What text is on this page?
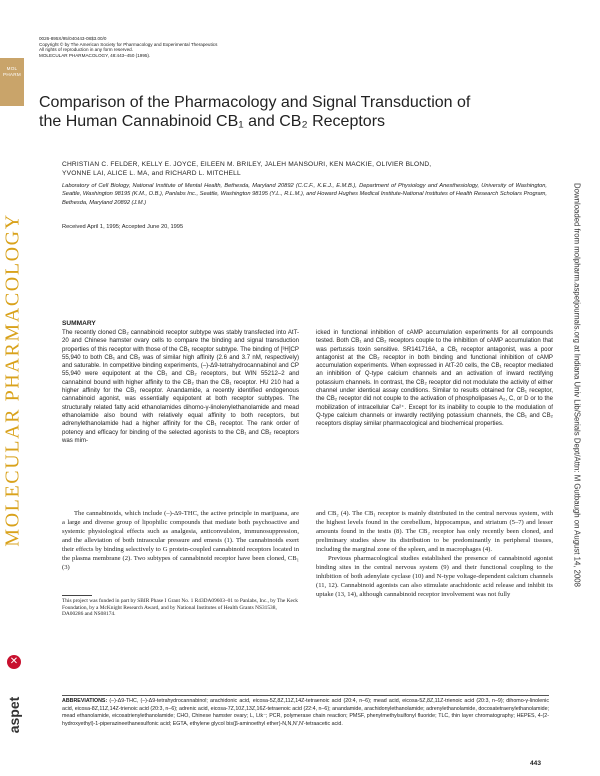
0026-895X/95/040443-08$3.00/0
Copyright © by The American Society for Pharmacology and Experimental Therapeutics
All rights of reproduction in any form reserved.
MOLECULAR PHARMACOLOGY, 48:443–450 (1995).
MOL
PHARM
MOLECULAR PHARMACOLOGY
✕
aspet
Downloaded from molpharm.aspetjournals.org at Indiana Univ Lib/Serials Dept/Attn: M Gutbaugh on August 14, 2008
Comparison of the Pharmacology and Signal Transduction of
the Human Cannabinoid CB₁ and CB₂ Receptors
CHRISTIAN C. FELDER, KELLY E. JOYCE, EILEEN M. BRILEY, JALEH MANSOURI, KEN MACKIE, OLIVIER BLOND,
YVONNE LAI, ALICE L. MA, and RICHARD L. MITCHELL
Laboratory of Cell Biology, National Institute of Mental Health, Bethesda, Maryland 20892 (C.C.F., K.E.J., E.M.B.), Department of Physiology and Anesthesiology, University of Washington, Seattle, Washington 98195 (K.M., O.B.), Panlabs Inc., Seattle, Washington 98195 (Y.L., R.L.M.), and Howard Hughes Medical Institute-National Institutes of Health Research Scholars Program, Bethesda, Maryland 20892 (J.M.)
Received April 1, 1995; Accepted June 20, 1995
SUMMARY
The recently cloned CB₂ cannabinoid receptor subtype was stably transfected into AtT-20 and Chinese hamster ovary cells to compare the binding and signal transduction properties of this receptor with those of the CB₁ receptor subtype. The binding of [³H]CP 55,940 to both CB₁ and CB₂ was of similar high affinity (2.6 and 3.7 nM, respectively) and saturable. In competitive binding experiments, (–)-Δ9-tetrahydrocannabinol and CP 55,940 were equipotent at the CB₁ and CB₂ receptors, but WIN 55212–2 and cannabinol bound with higher affinity to the CB₂ than the CB₁ receptor. HU 210 had a higher affinity for the CB₁ receptor. Anandamide, a recently identified endogenous cannabinoid agonist, was essentially equipotent at both receptor subtypes. The structurally related fatty acid ethanolamides dihomo-γ-linolenylethanolamide and mead ethanolamide also bound with relatively equal affinity to both receptors, but adrenylethanolamide had a higher affinity for the CB₁ receptor. The rank order of potency and efficacy for binding of the selected agonists to the CB₁ and CB₂ receptors was mim-
icked in functional inhibition of cAMP accumulation experiments for all compounds tested. Both CB₁ and CB₂ receptors couple to the inhibition of cAMP accumulation that was pertussis toxin sensitive. SR141716A, a CB₁ receptor antagonist, was a poor antagonist at the CB₂ receptor in both binding and functional inhibition of cAMP accumulation experiments. When expressed in AtT-20 cells, the CB₁ receptor mediated an inhibition of Q-type calcium channels and an activation of inward rectifying potassium channels. In contrast, the CB₂ receptor did not modulate the activity of either channel under identical assay conditions. Similar to results obtained for CB₁ receptor, the CB₂ receptor did not couple to the activation of phospholipases A₂, C, or D or to the mobilization of intracellular Ca²⁺. Except for its inability to couple to the modulation of Q-type calcium channels or inwardly rectifying potassium channels, the CB₁ and CB₂ receptors display similar pharmacological and biochemical properties.

The cannabinoids, which include (–)-Δ9-THC, the active principle in marijuana, are a large and diverse group of lipophilic compounds that mediate both psychoactive and systemic physiological effects such as analgesia, anticonvulsion, immunosuppression, and the alleviation of both intraocular pressure and emesis (1). The cannabinoids exert their effects by binding selectively to G protein-coupled cannabinoid receptors located in the plasma membrane (2). Two subtypes of cannabinoid receptor have been cloned, CB₁ (3)

and CB₂ (4). The CB₁ receptor is mainly distributed in the central nervous system, with the highest levels found in the cerebellum, hippocampus, and striatum (5–7) and lesser amounts found in the testis (8). The CB₂ receptor has only recently been cloned, and preliminary studies show its distribution to be predominantly in peripheral tissues, including the marginal zone of the spleen, and in macrophages (4).

Previous pharmacological studies established the presence of cannabinoid agonist binding sites in the central nervous system (9) and their functional coupling to the inhibition of both adenylate cyclase (10) and N-type voltage-dependent calcium channels (11, 12). Cannabinoid agonists can also stimulate arachidonic acid release and inhibit its uptake (13, 14), although cannabinoid receptor involvement was not fully

This project was funded in part by SBIR Phase I Grant No. 1 R43DA09603–01 to Panlabs, Inc., by The Keck Foundation, by a McKnight Research Award, and by National Institutes of Health Grants NS31538, DA00286 and NS08174.
ABBREVIATIONS: (–)-Δ9-THC, (–)-Δ9-tetrahydrocannabinol; arachidonic acid, eicosa-5Z,8Z,11Z,14Z-tetraenoic acid (20:4, n–6); mead acid, eicosa-5Z,8Z,11Z-trienoic acid (20:3, n–9); dihomo-γ-linolenic acid, eicosa-8Z,11Z,14Z-trienoic acid (20:3, n–6); adrenic acid, eicosa-7Z,10Z,13Z,16Z-tetraenoic acid (22:4, n–6); anandamide, arachidonylethanolamide; adrenylethanolamide, docosatetraenylethanolamide; mead ethanolamide, eicosatrienylethanolamide; CHO, Chinese hamster ovary; L, Ltk⁻; PCR, polymerase chain reaction; PMSF, phenylmethylsulfonyl fluoride; TLC, thin layer chromatography; HEPES, 4-(2-hydroxyethyl)-1-piperazineethanesulfonic acid; EGTA, ethylene glycol bis(β-aminoethyl ether)-N,N,N′,N′-tetraacetic acid.
443
